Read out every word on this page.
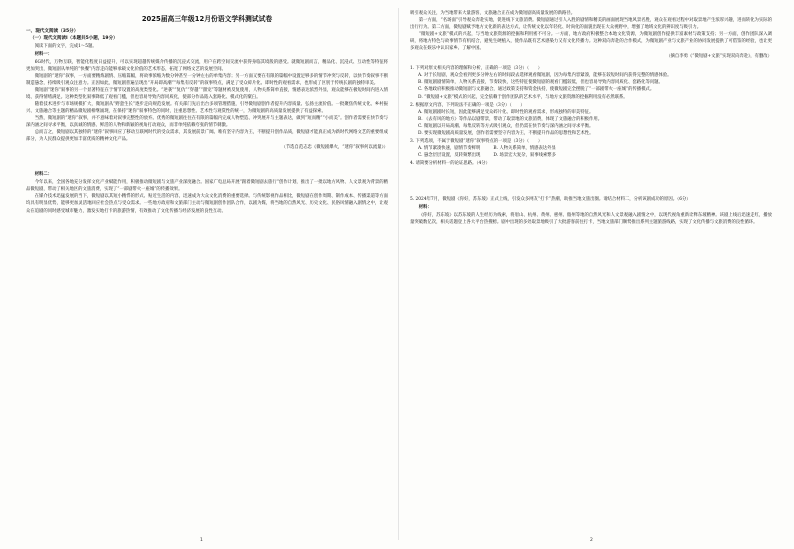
2025届高三年级12月份语文学科测试试卷
一、现代文阅读（35分）
（一）现代文阅读Ⅰ（本题共5小题，19分）

阅读下面的文字，完成1～5题。

材料一：

6G时代，万物互联，智能化程度日益提升，可以实现超越传统媒介传播的沉浸式交流，用户在跨空间交流中获得身临其境般的感受。就微短剧而言，精品化、沉浸式、互动性等特征将更加突出，微短剧从单纯的“快餐”内容走向能够承载文化价值的艺术形态，拓宽了网络文艺的发展空间。

微短剧的“迷你”叙事，一方面要精炼剧情、压缩篇幅，将故事浓缩为数分钟甚至一分钟左右的单集内容；另一方面又要在有限的篇幅中设置足够多的情节冲突与反转，以快节奏叙事不断制造悬念，持续吸引观众注意力。正因如此，微短剧普遍呈现出“开局即高潮”“每集有反转”的叙事特点，满足了受众碎片化、即时性的观看需求，也形成了区别于传统长剧的独特审美。

微短剧“迷你”叙事的另一个显著特征在于情节设置的高度类型化。“逆袭”“复仇”“穿越”“甜宠”等题材被反复使用，人物关系简单直接，情感表达浓烈外显，观众能够在极短时间内进入情境、获得情绪满足。这种类型化叙事降低了观看门槛，但也容易导致内容同质化，使部分作品陷入套路化、模式化的窠臼。

随着技术进步与市场规模扩大，微短剧从“野蛮生长”逐步走向规范发展。有关部门先后出台多项管理措施，引导微短剧创作者提升内容质量、弘扬主流价值。一批聚焦传统文化、乡村振兴、文旅融合等主题的精品微短剧相继涌现，在保持“迷你”叙事特色的同时，注重思想性、艺术性与观赏性的统一，为微短剧的高质量发展提供了有益探索。

当然，微短剧的“迷你”叙事，并不意味着对叙事完整性的放弃。优秀的微短剧往往在有限的篇幅内完成人物塑造、冲突展开与主题表达，做到“短而精”“小而美”。创作者需要在快节奏与深内涵之间寻求平衡，以真诚的情感、鲜活的人物和新颖的视角打动观众，而非单纯依赖夸张的情节刺激。

总而言之，微短剧以其独特的“迷你”叙事回应了移动互联网时代的受众需求，其发展前景广阔。唯有坚守内容为王，不断提升创作品质，微短剧才能真正成为新时代网络文艺的重要组成部分，为人民群众提供更加丰富优质的精神文化产品。

（节选自范志忠《微短剧爆火，“迷你”叙事何以流量》）

材料二：

今年以来，全国各地充分发挥文化产业赋能作用，积极推动微短剧与文旅产业深度融合。国家广电总局开展“跟着微短剧去旅行”创作计划，推出了一批以地方风物、人文景观为背景的精品微短剧，带动了相关地区的文旅消费，实现了“一部剧带火一座城”的传播效果。

在媒介技术迅猛发展的当下，微短剧以其短小精悍的形式、贴近生活的内容，迅速成为大众文化消费的重要选择。与传统影视作品相比，微短剧在创作周期、制作成本、传播渠道等方面均具有明显优势，能够更加灵活地回应社会热点与受众需求。一些地方政府和文旅部门主动与微短剧创作团队合作，以剧为媒，将当地的自然风光、历史文化、民俗风情融入剧情之中，让观众在追剧的同时感受城市魅力，激发实地打卡的旅游热情，有效推动了文化传播与经济发展的良性互动。

吸引观众关注，为当地带来大量游客，文旅融合正在成为微短剧高质量发展的新路径。

第一方面，“名场面”引导观众奔赴实地，促进线下文旅消费。微短剧通过引人入胜的剧情和精美的画面展现当地风景名胜，观众在观看过程中对取景地产生浓厚兴趣，进而转化为实际的出行行为。第二方面，微短剧赋予地方文化新的表达方式，让传统文化以年轻化、时尚化的面貌出现在大众视野中，增强了地域文化的辨识度与吸引力。

“微短剧+文旅”模式的兴起，与当地文旅资源的挖掘和利用密不可分。一方面，地方政府积极整合本地文化资源，为微短剧创作提供丰富素材与政策支持；另一方面，创作团队深入调研，将地方特色与故事情节有机结合，避免生硬植入，使作品既有艺术感染力又有文化传播力。这种双向奔赴的合作模式，为微短剧产业与文旅产业的协同发展提供了可借鉴的经验，也让更多观众在娱乐中认识家乡、了解中国。

（摘自李勇《“微短剧+文旅”实现双向奔赴》，有删改）

1. 下列对原文相关内容的理解和分析，正确的一项是（3分）（　　）

A. 对于长短剧，观众会看到更多分钟左右的时间段去选择观看微短剧，因为每集内容紧凑，能够在较短时间内获得完整的情感体验。

B. 微短剧剧情简单，人物关系直接，节奏较快，这些特征使微短剧的观看门槛较低，但也容易导致内容同质化、套路化等问题。

C. 各地政府积极推动微短剧与文旅融合，通过政策支持和资金扶持，使微短剧完全摆脱了“一部剧带火一座城”的传播模式。

D. “微短剧+文旅”模式的兴起，完全依赖于创作团队的艺术水平，与地方文旅资源的挖掘利用没有必然联系。

2. 根据原文内容，下列说法不正确的一项是（3分）（　　）

A. 微短剧剧时长短，因此能够满足受众碎片化、即时性的观看需求，形成独特的审美特征。

B. 《去有风的地方》等作品以剧带景，带动了取景地的文旅消费，体现了文旅融合的积极作用。

C. 微短剧以开局高潮、每集反转等方式吸引观众，但仍需在快节奏与深内涵之间寻求平衡。

D. 要实现微短剧高质量发展，创作者需要坚守内容为王，不断提升作品的思想性和艺术性。

3. 下列选项，不属于微短剧“迷你”叙事特点的一项是（3分）（　　）

A. 情节紧凑快速，剧情节奏鲜明　　　B. 人物关系简单，情感表达外显

C. 悬念层层设置，反转频繁出现　　　D. 场景宏大复杂，叙事线索繁多

4. 请简要分析材料一的论证思路。（4分）

5. 2024年7月，微短剧《你好，苏东坡》正式上线，引发众多网友“打卡”热潮，助推当地文旅出圈。请结合材料二，分析该剧成功的原因。（6分）

材料：

《你好，苏东坡》以苏东坡的人生经历为线索，将眉山、杭州、黄州、惠州、儋州等地的自然风光和人文景观融入剧情之中，以现代视角重新诠释东坡精神。该剧上线后迅速走红，播放量突破数亿次，相关话题登上各大平台热搜榜。剧中出现的多处取景地吸引了大批游客前往打卡，当地文旅部门顺势推出系列主题旅游线路，实现了文化传播与文旅消费的良性循环。

1	2
